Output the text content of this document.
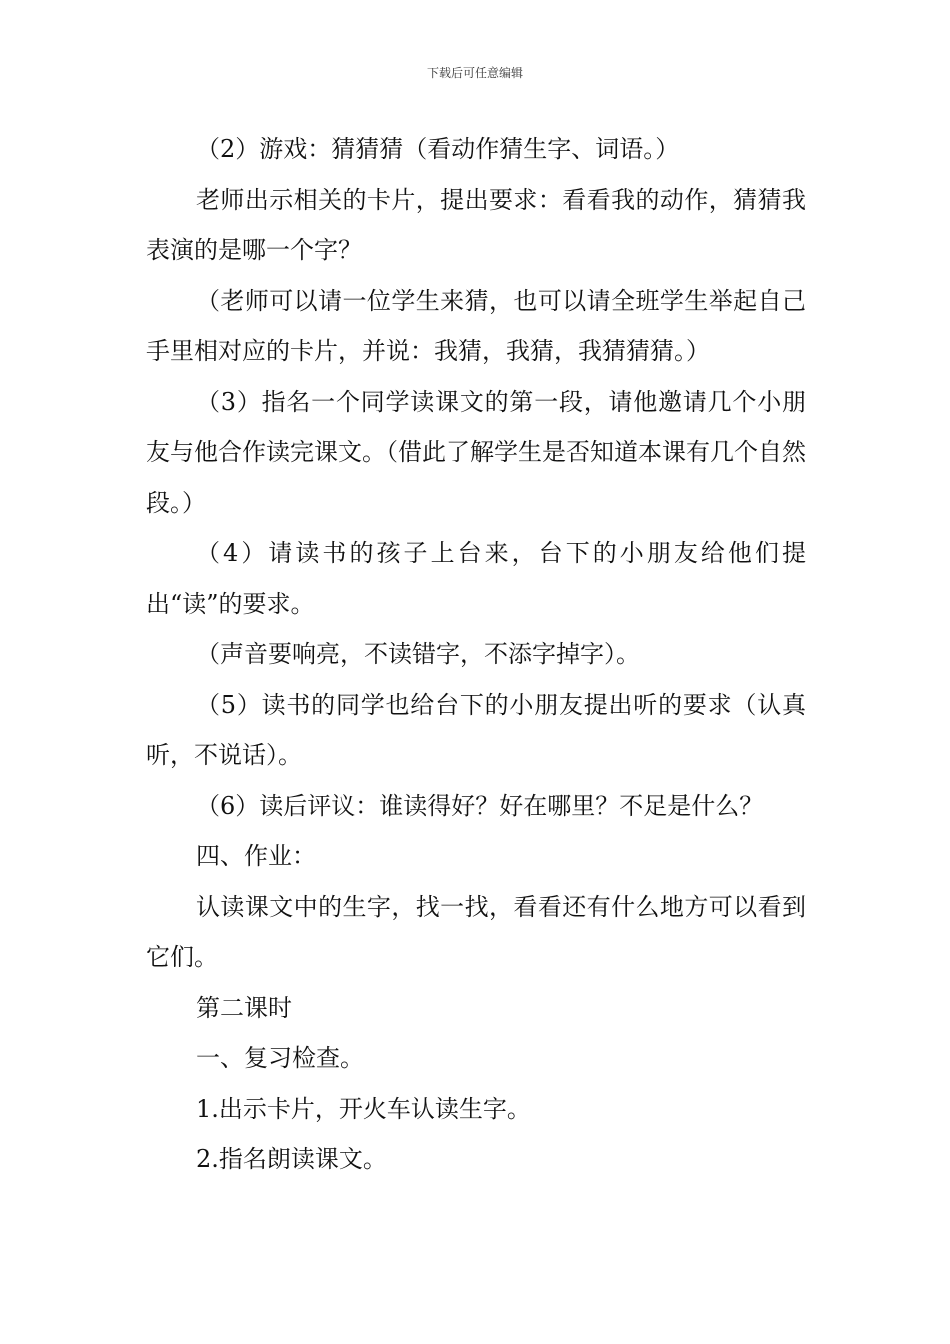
下载后可任意编辑

（2）游戏：猜猜猜（看动作猜生字、词语。）

老师出示相关的卡片，提出要求：看看我的动作，猜猜我表演的是哪一个字？

（老师可以请一位学生来猜，也可以请全班学生举起自己手里相对应的卡片，并说：我猜，我猜，我猜猜猜。）

（3）指名一个同学读课文的第一段，请他邀请几个小朋友与他合作读完课文。（借此了解学生是否知道本课有几个自然段。）

（4）请读书的孩子上台来，台下的小朋友给他们提出“读”的要求。

（声音要响亮，不读错字，不添字掉字）。

（5）读书的同学也给台下的小朋友提出听的要求（认真听，不说话）。

（6）读后评议：谁读得好？好在哪里？不足是什么？

四、作业：

认读课文中的生字，找一找，看看还有什么地方可以看到它们。

第二课时

一、复习检查。

1.出示卡片，开火车认读生字。

2.指名朗读课文。
